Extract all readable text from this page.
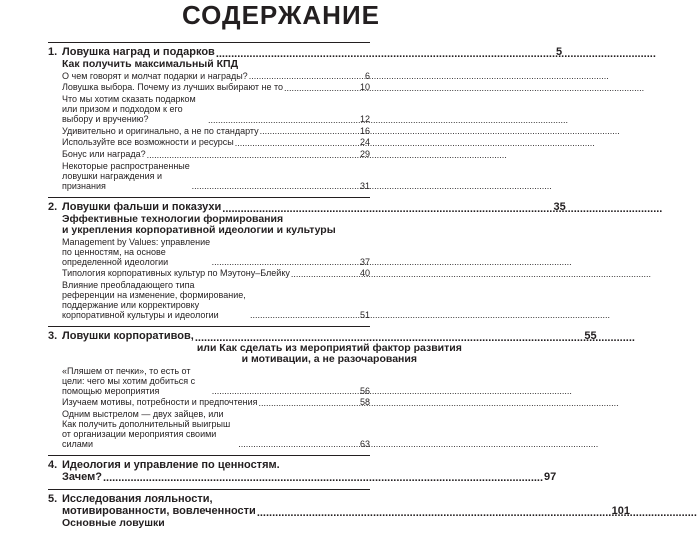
СОДЕРЖАНИЕ
1. Ловушка наград и подарков .....	5
Как получить максимальный КПД
О чем говорят и молчат подарки и награды? .....	6
Ловушка выбора. Почему из лучших выбирают не то .....	10
Что мы хотим сказать подарком или призом и подходом к его выбору и вручению? .....	12
Удивительно и оригинально, а не по стандарту .....	16
Используйте все возможности и ресурсы .....	24
Бонус или награда? .....	29
Некоторые распространенные ловушки награждения и признания .....	31
2. Ловушки фальши и показухи .....	35
Эффективные технологии формирования
и укрепления корпоративной идеологии и культуры
Management by Values: управление по ценностям, на основе определенной идеологии .....	37
Типология корпоративных культур по Мэутону–Блейку .....	40
Влияние преобладающего типа референции на изменение, формирование, поддержание или корректировку корпоративной культуры и идеологии .....	51
3. Ловушки корпоративов, .....	55
или Как сделать из мероприятий фактор развития
и мотивации, а не разочарования
«Пляшем от печки», то есть от цели: чего мы хотим добиться с помощью мероприятия .....	56
Изучаем мотивы, потребности и предпочтения .....	58
Одним выстрелом — двух зайцев, или Как получить дополнительный выигрыш от организации мероприятия своими силами .....	63
4. Идеология и управление по ценностям.
Зачем? .....	97
5. Исследования лояльности,
мотивированности, вовлеченности .....	101
Основные ловушки
